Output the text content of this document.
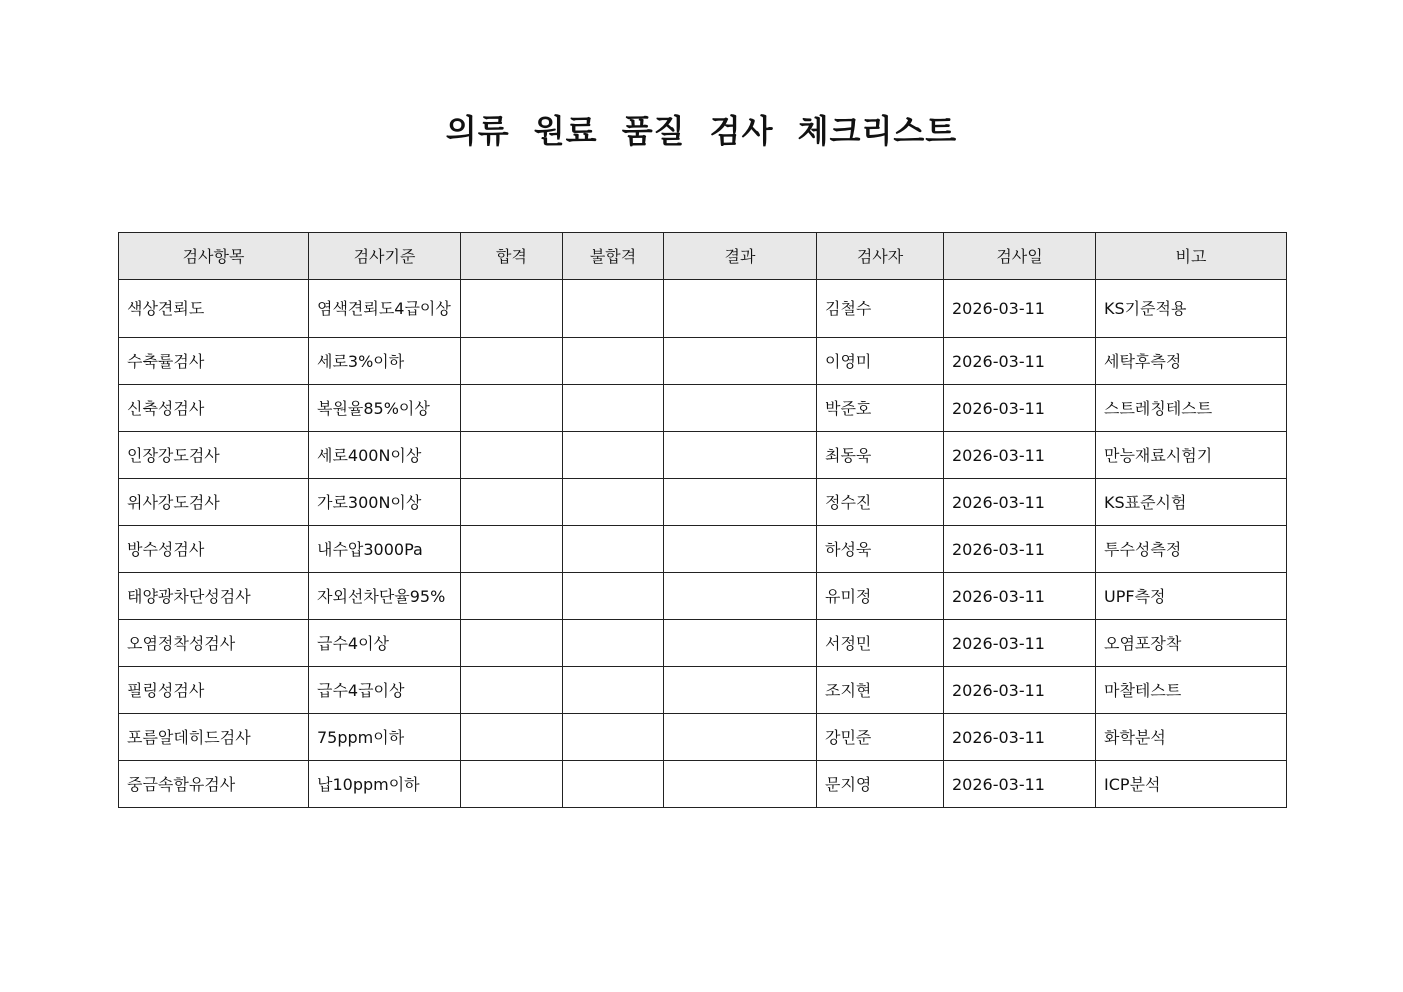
의류 원료 품질 검사 체크리스트
검사항목	검사기준	합격	불합격	결과	검사자	검사일	비고
색상견뢰도	염색견뢰도4급이상				김철수	2026-03-11	KS기준적용
수축률검사	세로3%이하				이영미	2026-03-11	세탁후측정
신축성검사	복원율85%이상				박준호	2026-03-11	스트레칭테스트
인장강도검사	세로400N이상				최동욱	2026-03-11	만능재료시험기
위사강도검사	가로300N이상				정수진	2026-03-11	KS표준시험
방수성검사	내수압3000Pa				하성욱	2026-03-11	투수성측정
태양광차단성검사	자외선차단율95%				유미정	2026-03-11	UPF측정
오염정착성검사	급수4이상				서정민	2026-03-11	오염포장착
필링성검사	급수4급이상				조지현	2026-03-11	마찰테스트
포름알데히드검사	75ppm이하				강민준	2026-03-11	화학분석
중금속함유검사	납10ppm이하				문지영	2026-03-11	ICP분석
